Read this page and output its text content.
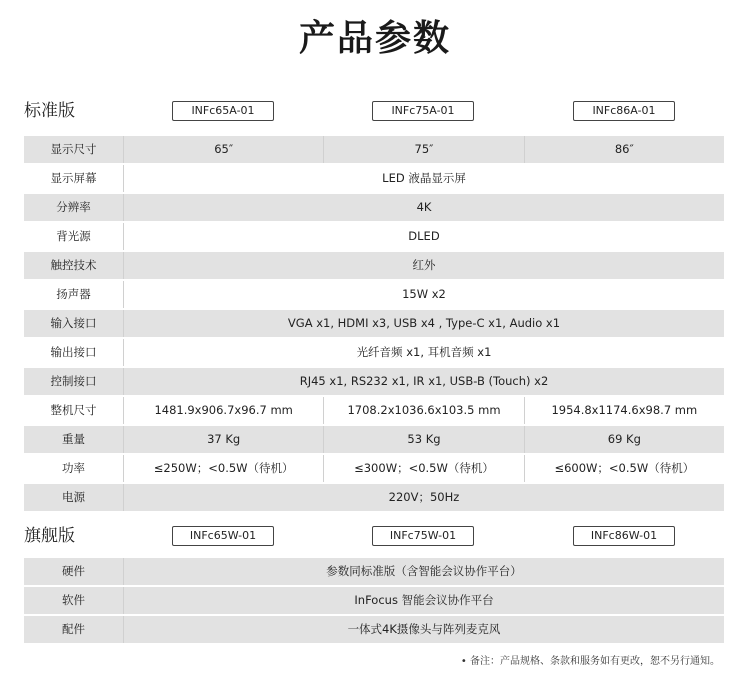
产品参数
标准版	INFc65A-01	INFc75A-01	INFc86A-01
显示尺寸	65″	75″	86″
显示屏幕	LED 液晶显示屏
分辨率	4K
背光源	DLED
触控技术	红外
扬声器	15W x2
输入接口	VGA x1, HDMI x3, USB x4 , Type-C x1, Audio x1
输出接口	光纤音频 x1, 耳机音频 x1
控制接口	RJ45 x1, RS232 x1, IR x1, USB-B (Touch) x2
整机尺寸	1481.9x906.7x96.7 mm	1708.2x1036.6x103.5 mm	1954.8x1174.6x98.7 mm
重量	37 Kg	53 Kg	69 Kg
功率	≤250W；<0.5W（待机）	≤300W；<0.5W（待机）	≤600W；<0.5W（待机）
电源	220V；50Hz
旗舰版	INFc65W-01	INFc75W-01	INFc86W-01
硬件	参数同标准版（含智能会议协作平台）
软件	InFocus 智能会议协作平台
配件	一体式4K摄像头与阵列麦克风
• 备注：产品规格、条款和服务如有更改，恕不另行通知。
